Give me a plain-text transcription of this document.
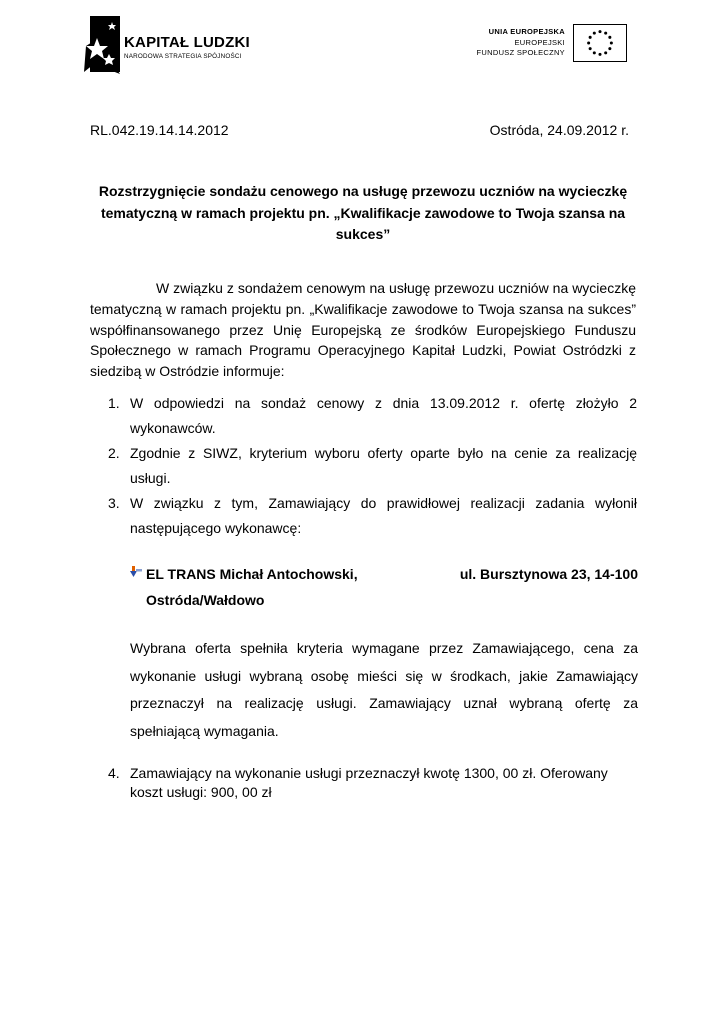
KAPITAŁ LUDZKI
NARODOWA STRATEGIA SPÓJNOŚCI
UNIA EUROPEJSKA
EUROPEJSKI
FUNDUSZ SPOŁECZNY
RL.042.19.14.14.2012	Ostróda, 24.09.2012 r.
Rozstrzygnięcie sondażu cenowego na usługę przewozu uczniów na wycieczkę tematyczną w ramach projektu pn. „Kwalifikacje zawodowe to Twoja szansa na sukces”
W związku z sondażem cenowym na usługę przewozu uczniów na wycieczkę tematyczną w ramach projektu pn. „Kwalifikacje zawodowe to Twoja szansa na sukces” współfinansowanego przez Unię Europejską ze środków Europejskiego Funduszu Społecznego w ramach Programu Operacyjnego Kapitał Ludzki, Powiat Ostródzki z siedzibą w Ostródzie informuje:
1. W odpowiedzi na sondaż cenowy z dnia 13.09.2012 r. ofertę złożyło 2 wykonawców.
2. Zgodnie z SIWZ, kryterium wyboru oferty oparte było na cenie za realizację usługi.
3. W związku z tym, Zamawiający do prawidłowej realizacji zadania wyłonił następującego wykonawcę:
EL TRANS Michał Antochowski,	ul. Bursztynowa 23, 14-100
Ostróda/Wałdowo
Wybrana oferta spełniła kryteria wymagane przez Zamawiającego, cena za wykonanie usługi wybraną osobę mieści się w środkach, jakie Zamawiający przeznaczył na realizację usługi. Zamawiający uznał wybraną ofertę za spełniającą wymagania.
4. Zamawiający na wykonanie usługi przeznaczył kwotę 1300, 00 zł. Oferowany koszt usługi: 900, 00 zł
